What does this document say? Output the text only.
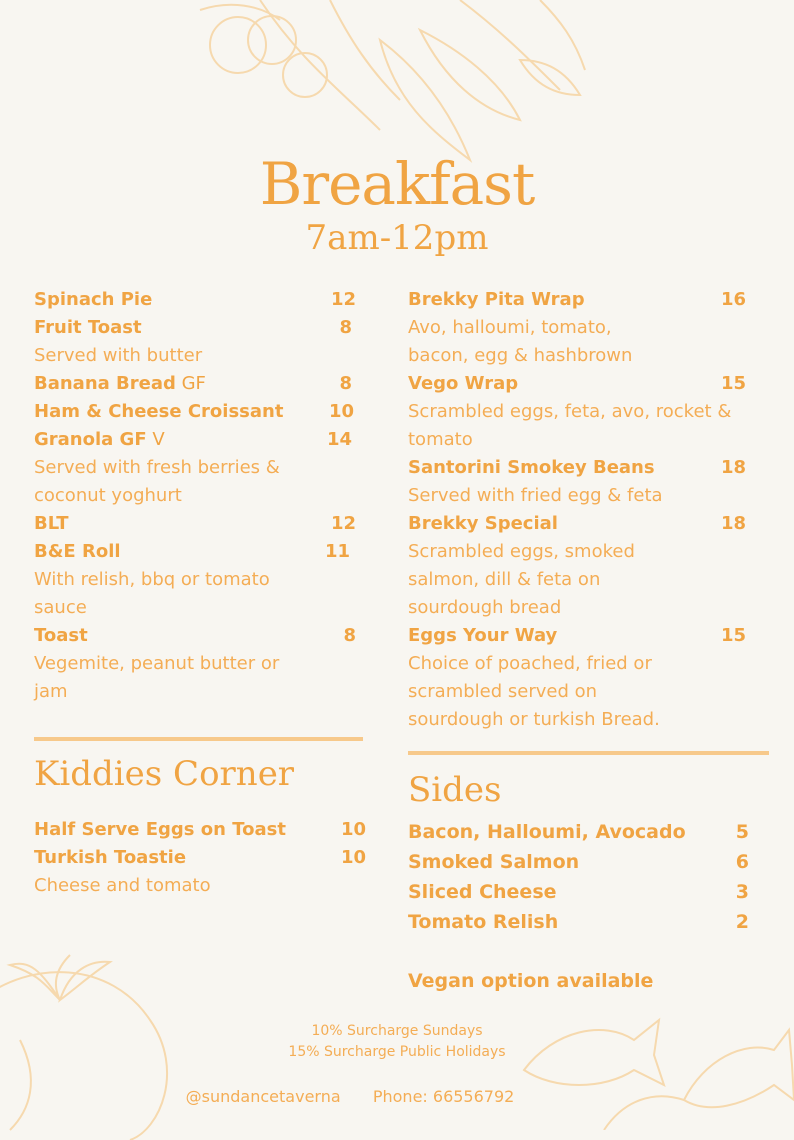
Breakfast
7am-12pm
Spinach Pie	12
Fruit Toast	8
Served with butter
Banana Bread GF	8
Ham & Cheese Croissant	10
Granola GF V	14
Served with fresh berries & coconut yoghurt
BLT	12
B&E Roll	11
With relish, bbq or tomato sauce
Toast	8
Vegemite, peanut butter or jam
Brekky Pita Wrap	16
Avo, halloumi, tomato, bacon, egg & hashbrown
Vego Wrap	15
Scrambled eggs, feta, avo, rocket & tomato
Santorini Smokey Beans	18
Served with fried egg & feta
Brekky Special	18
Scrambled eggs, smoked salmon, dill & feta on sourdough bread
Eggs Your Way	15
Choice of poached, fried or scrambled served on sourdough or turkish Bread.
Kiddies Corner
Half Serve Eggs on Toast	10
Turkish Toastie	10
Cheese and tomato
Sides
Bacon, Halloumi, Avocado	5
Smoked Salmon	6
Sliced Cheese	3
Tomato Relish	2
Vegan option available
10% Surcharge Sundays
15% Surcharge Public Holidays
@sundancetaverna Phone: 66556792
